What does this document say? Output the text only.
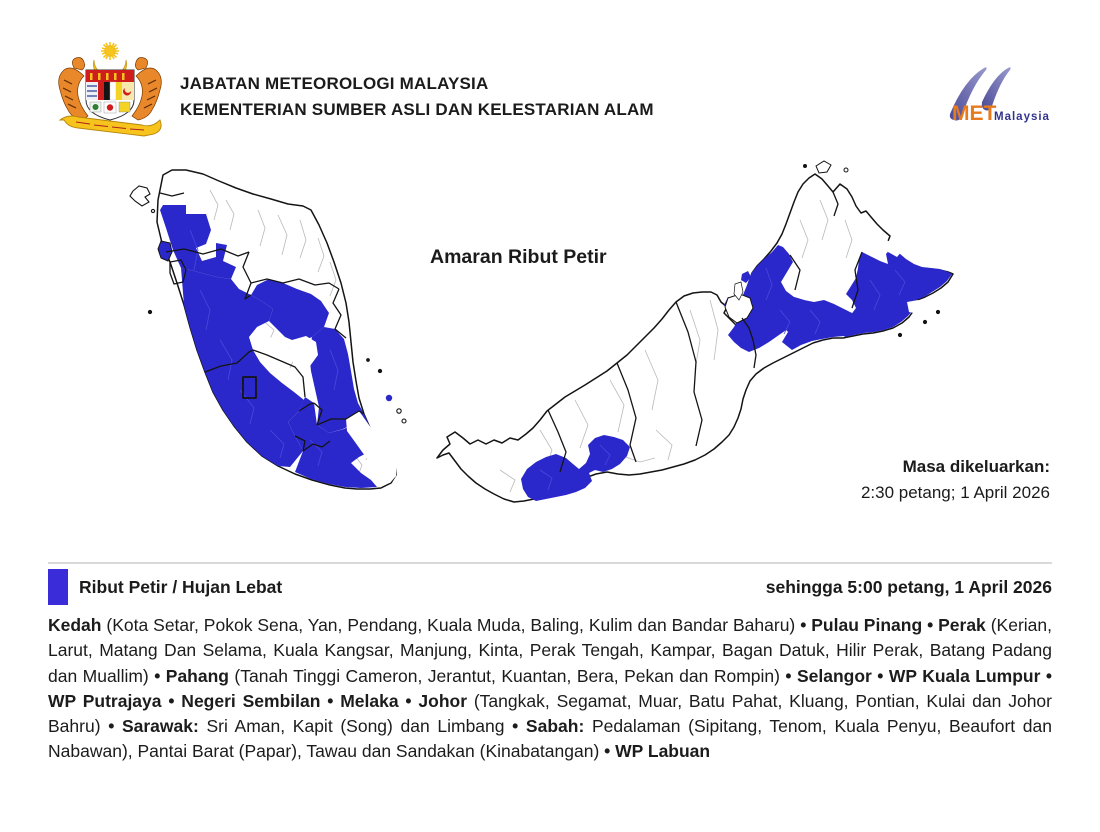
JABATAN METEOROLOGI MALAYSIA
KEMENTERIAN SUMBER ASLI DAN KELESTARIAN ALAM	MET
Malaysia
Amaran Ribut Petir
Masa dikeluarkan:
2:30 petang; 1 April 2026
Ribut Petir / Hujan Lebat	sehingga 5:00 petang, 1 April 2026
Kedah (Kota Setar, Pokok Sena, Yan, Pendang, Kuala Muda, Baling, Kulim dan Bandar Baharu) • Pulau Pinang • Perak (Kerian, Larut, Matang Dan Selama, Kuala Kangsar, Manjung, Kinta, Perak Tengah, Kampar, Bagan Datuk, Hilir Perak, Batang Padang dan Muallim) • Pahang (Tanah Tinggi Cameron, Jerantut, Kuantan, Bera, Pekan dan Rompin) • Selangor • WP Kuala Lumpur • WP Putrajaya • Negeri Sembilan • Melaka • Johor (Tangkak, Segamat, Muar, Batu Pahat, Kluang, Pontian, Kulai dan Johor Bahru) • Sarawak: Sri Aman, Kapit (Song) dan Limbang • Sabah: Pedalaman (Sipitang, Tenom, Kuala Penyu, Beaufort dan Nabawan), Pantai Barat (Papar), Tawau dan Sandakan (Kinabatangan) • WP Labuan
